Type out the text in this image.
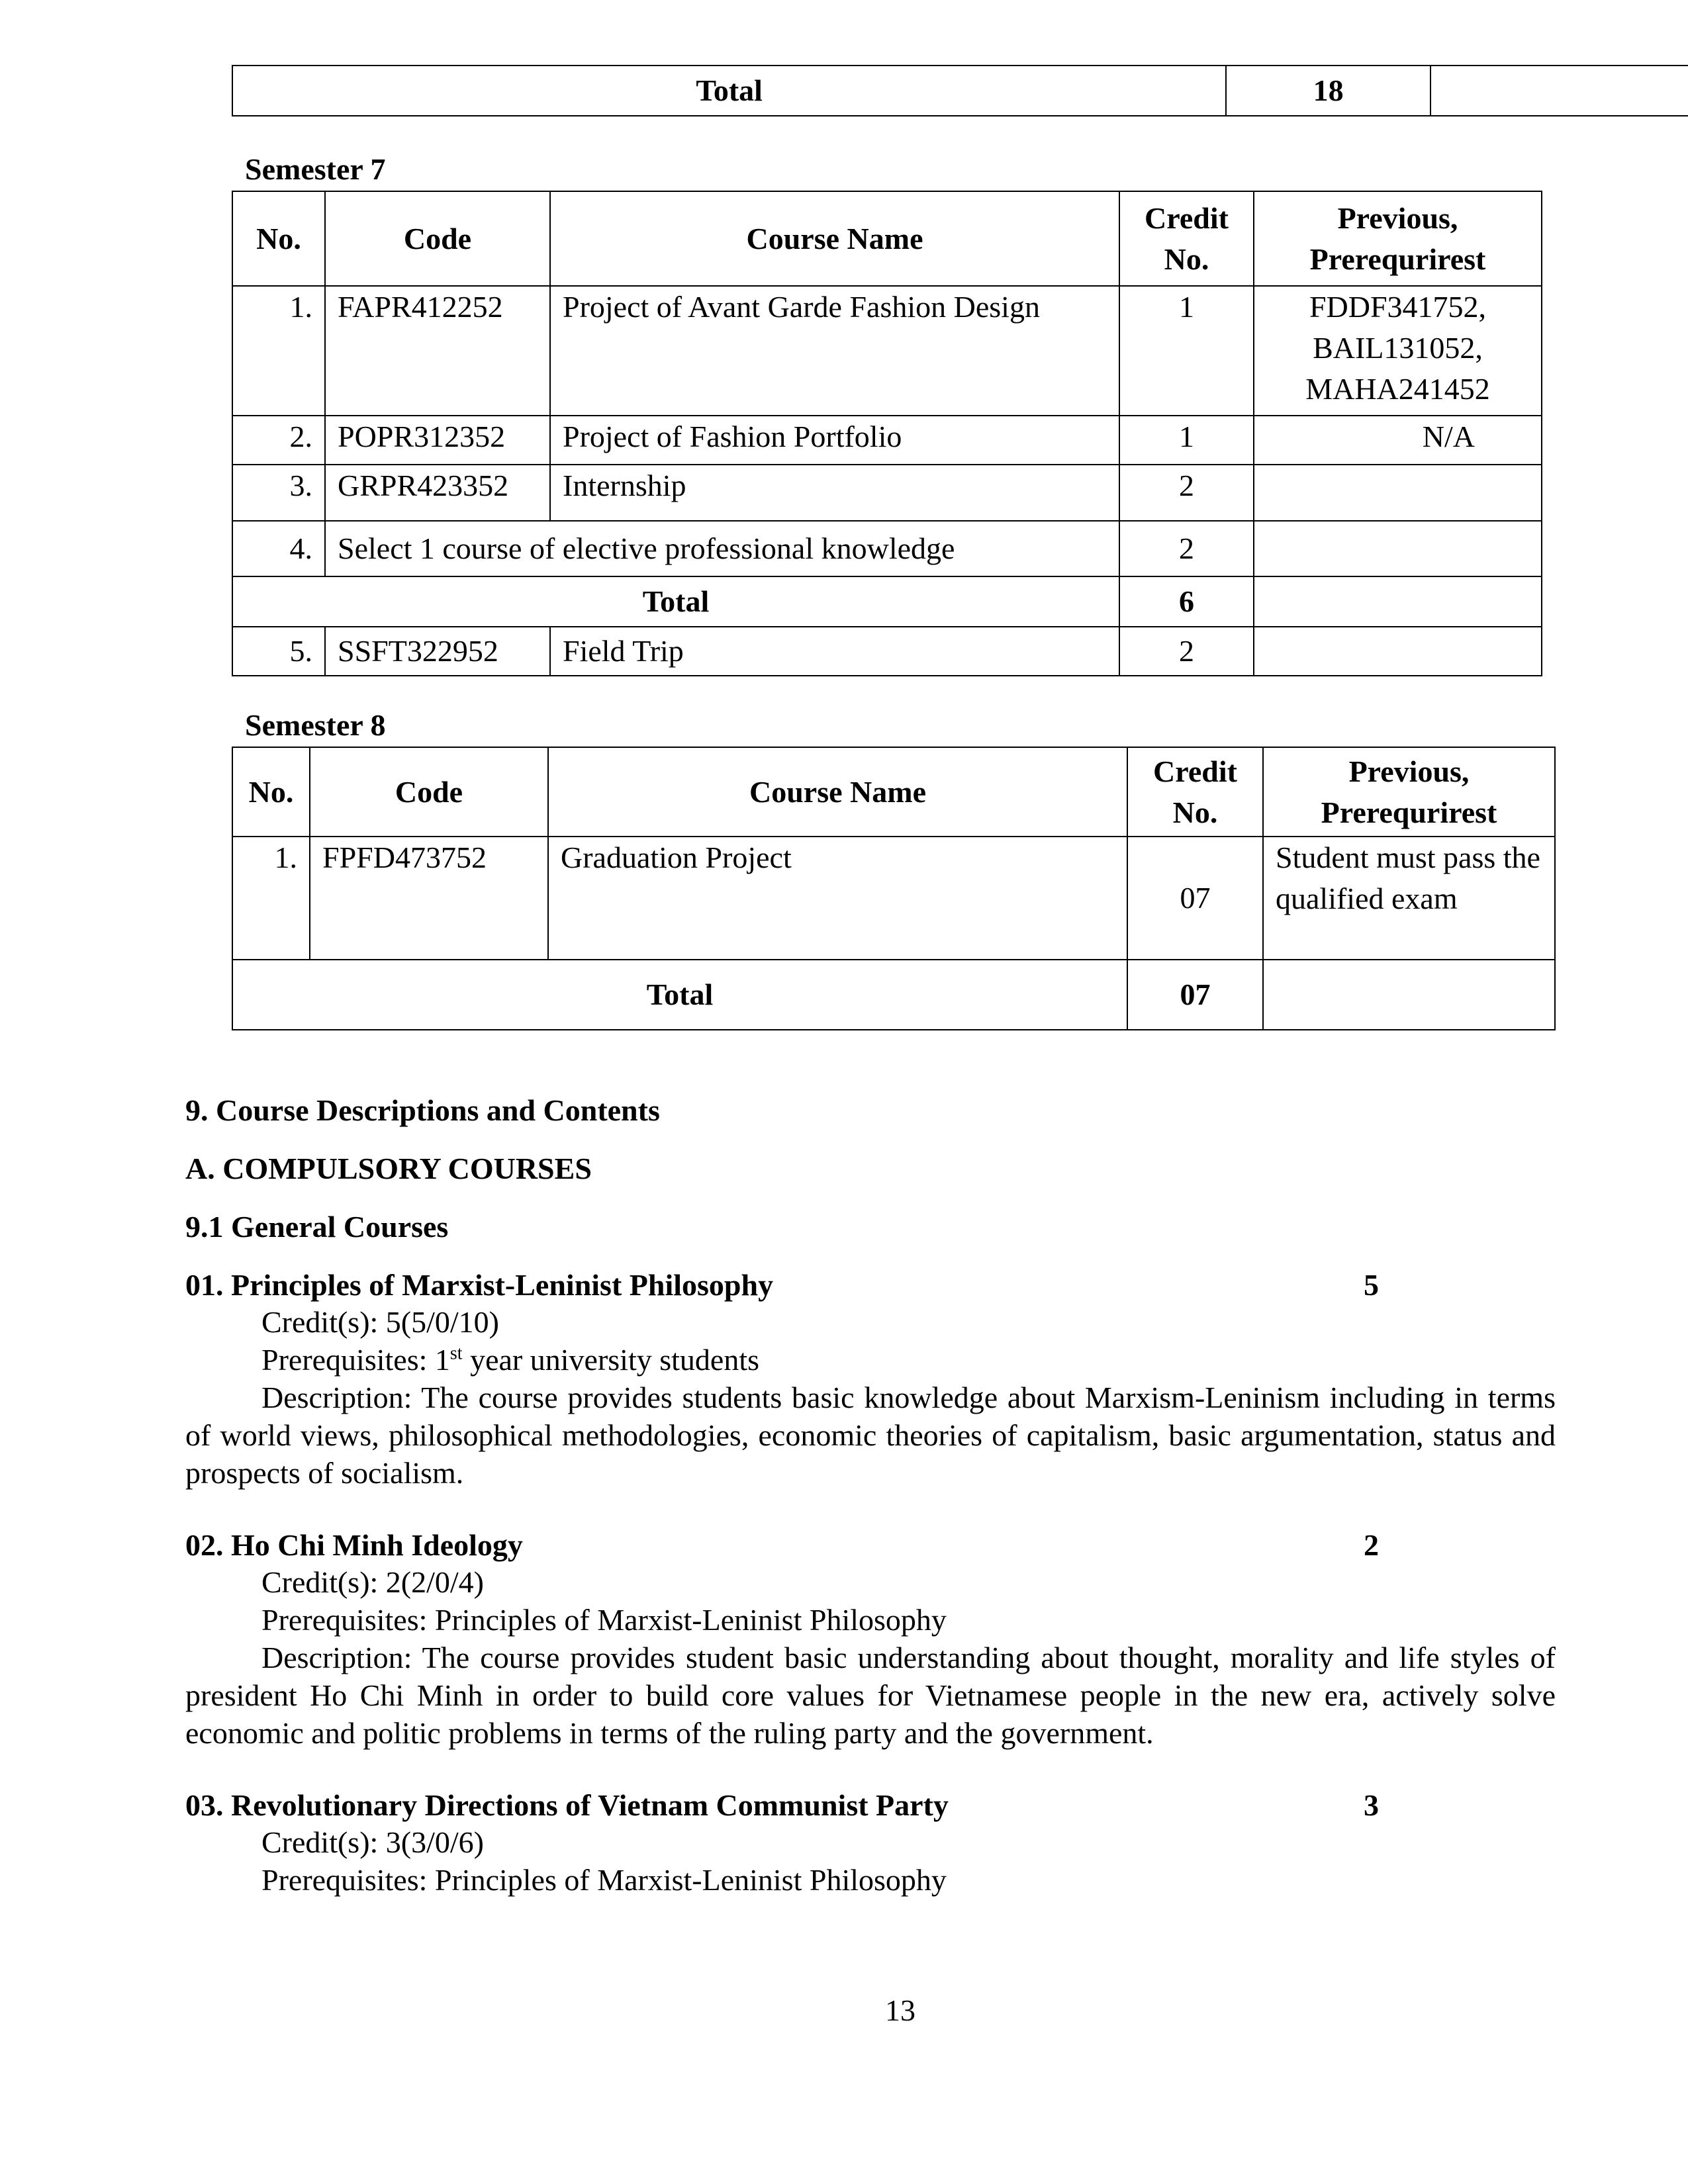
Total	18	
Semester 7
No.	Code	Course Name	Credit No.	Previous, Prerequrirest
1.	FAPR412252	Project of Avant Garde Fashion Design	1	FDDF341752,
BAIL131052,
MAHA241452

2.	POPR312352	Project of Fashion Portfolio	1	N/A
3.	GRPR423352	Internship	2	
4.	Select 1 course of elective professional knowledge		2	
Total			6	
5.	SSFT322952	Field Trip	2	
Semester 8
No.	Code	Course Name	Credit No.	Previous, Prerequrirest
1.	FPFD473752	Graduation Project	07	Student must pass the qualified exam
Total			07	
9. Course Descriptions and Contents
A. COMPULSORY COURSES
9.1 General Courses
01. Principles of Marxist-Leninist Philosophy	5
Credit(s): 5(5/0/10)
Prerequisites: 1st year university students
Description: The course provides students basic knowledge about Marxism-Leninism including in terms of world views, philosophical methodologies, economic theories of capitalism, basic argumentation, status and prospects of socialism.
02. Ho Chi Minh Ideology	2
Credit(s): 2(2/0/4)
Prerequisites: Principles of Marxist-Leninist Philosophy
Description: The course provides student basic understanding about thought, morality and life styles of president Ho Chi Minh in order to build core values for Vietnamese people in the new era, actively solve economic and politic problems in terms of the ruling party and the government.
03. Revolutionary Directions of Vietnam Communist Party	3
Credit(s): 3(3/0/6)
Prerequisites: Principles of Marxist-Leninist Philosophy
13
